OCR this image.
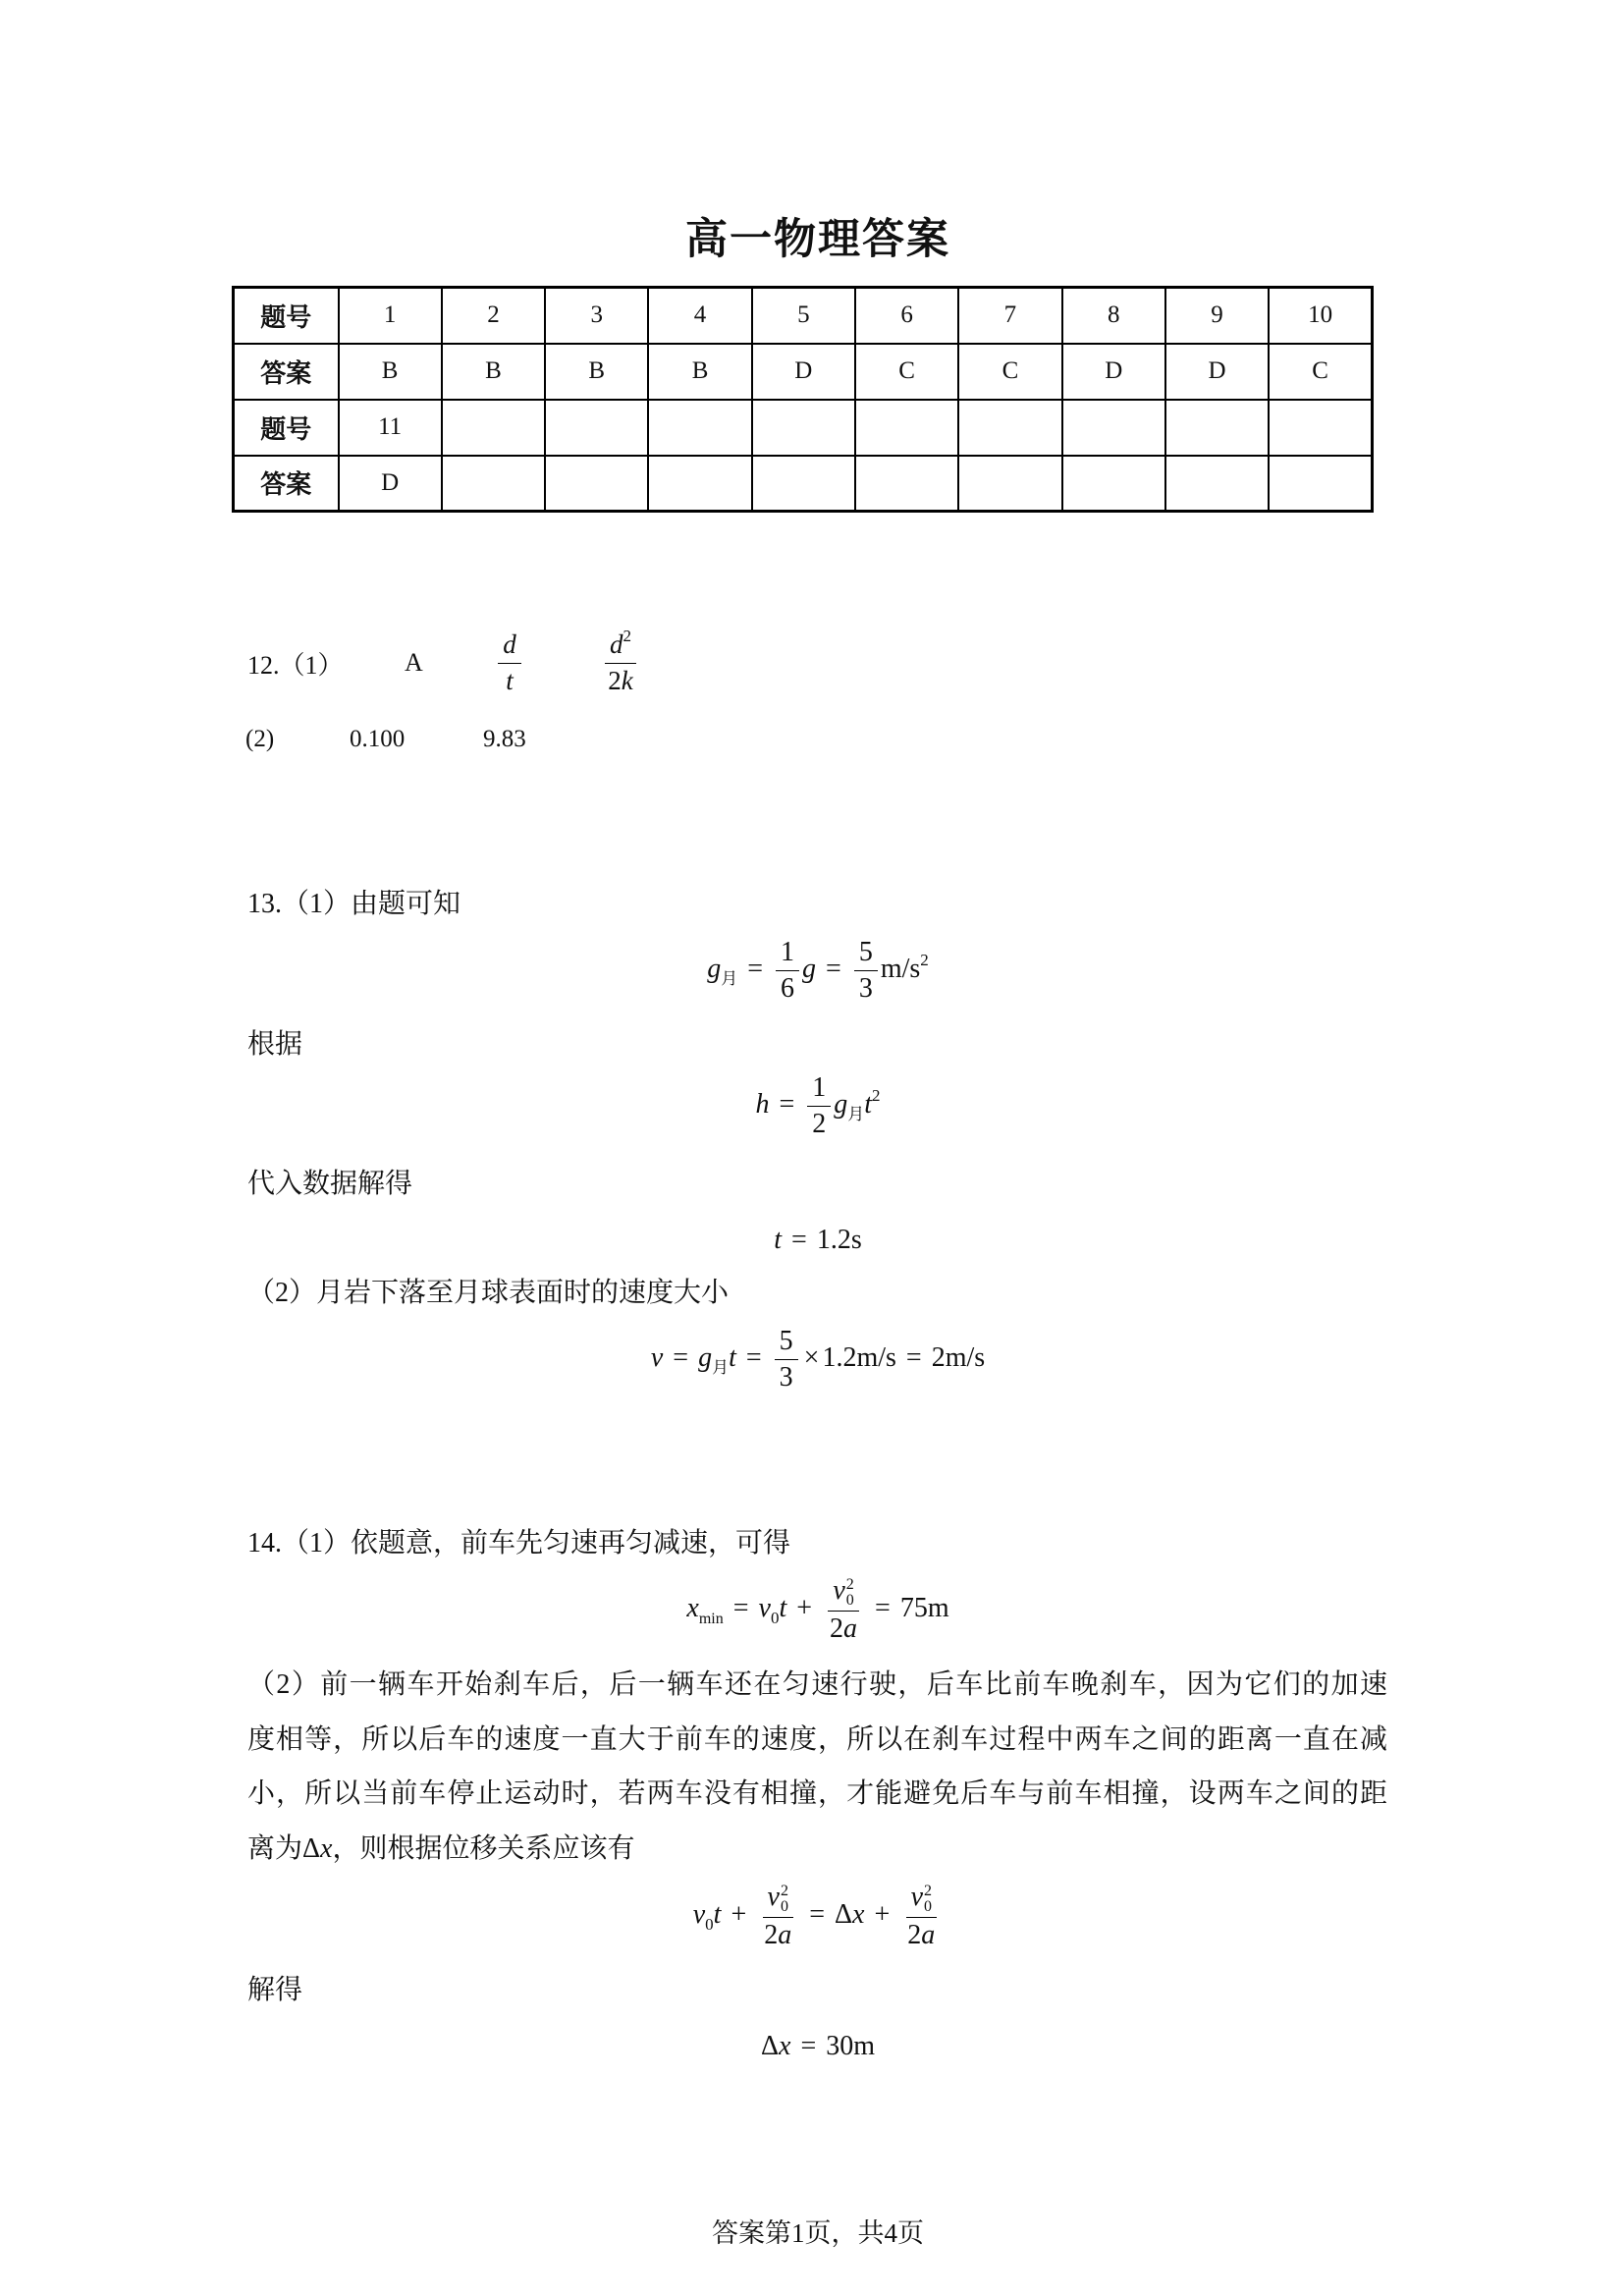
高一物理答案
题号	1	2	3	4	5	6	7	8	9	10
答案	B	B	B	B	D	C	C	D	D	C
题号	11									
答案	D									
12.（1） A	$\frac{d}{t}$	$\frac{d^2}{2k}$
(2)	0.100	9.83
13.（1）由题可知
$g_月 = \frac{1}{6}$ $g = \frac{5}{3} m/s^2$
根据
$h = \frac{1}{2} g_月t^2$
代入数据解得
t = 1.2s
（2）月岩下落至月球表面时的速度大小
$v = g_月t = \frac{5}{3} \times 1.2m/s = 2m/s$
14.（1）依题意，前车先匀速再匀减速，可得
$x_{min} = v_0t + v$ 2
0
2a = 75m
（2）前一辆车开始刹车后，后一辆车还在匀速行驶，后车比前车晚刹车，因为它们的加速
度相等，所以后车的速度一直大于前车的速度，所以在刹车过程中两车之间的距离一直在减
小，所以当前车停止运动时，若两车没有相撞，才能避免后车与前车相撞，设两车之间的距
离为Δx，则根据位移关系应该有
$v_0t + v$ 2
0
2a = Δx + v 2
0
2a
解得
Δx = 30m
答案第1页，共4页
